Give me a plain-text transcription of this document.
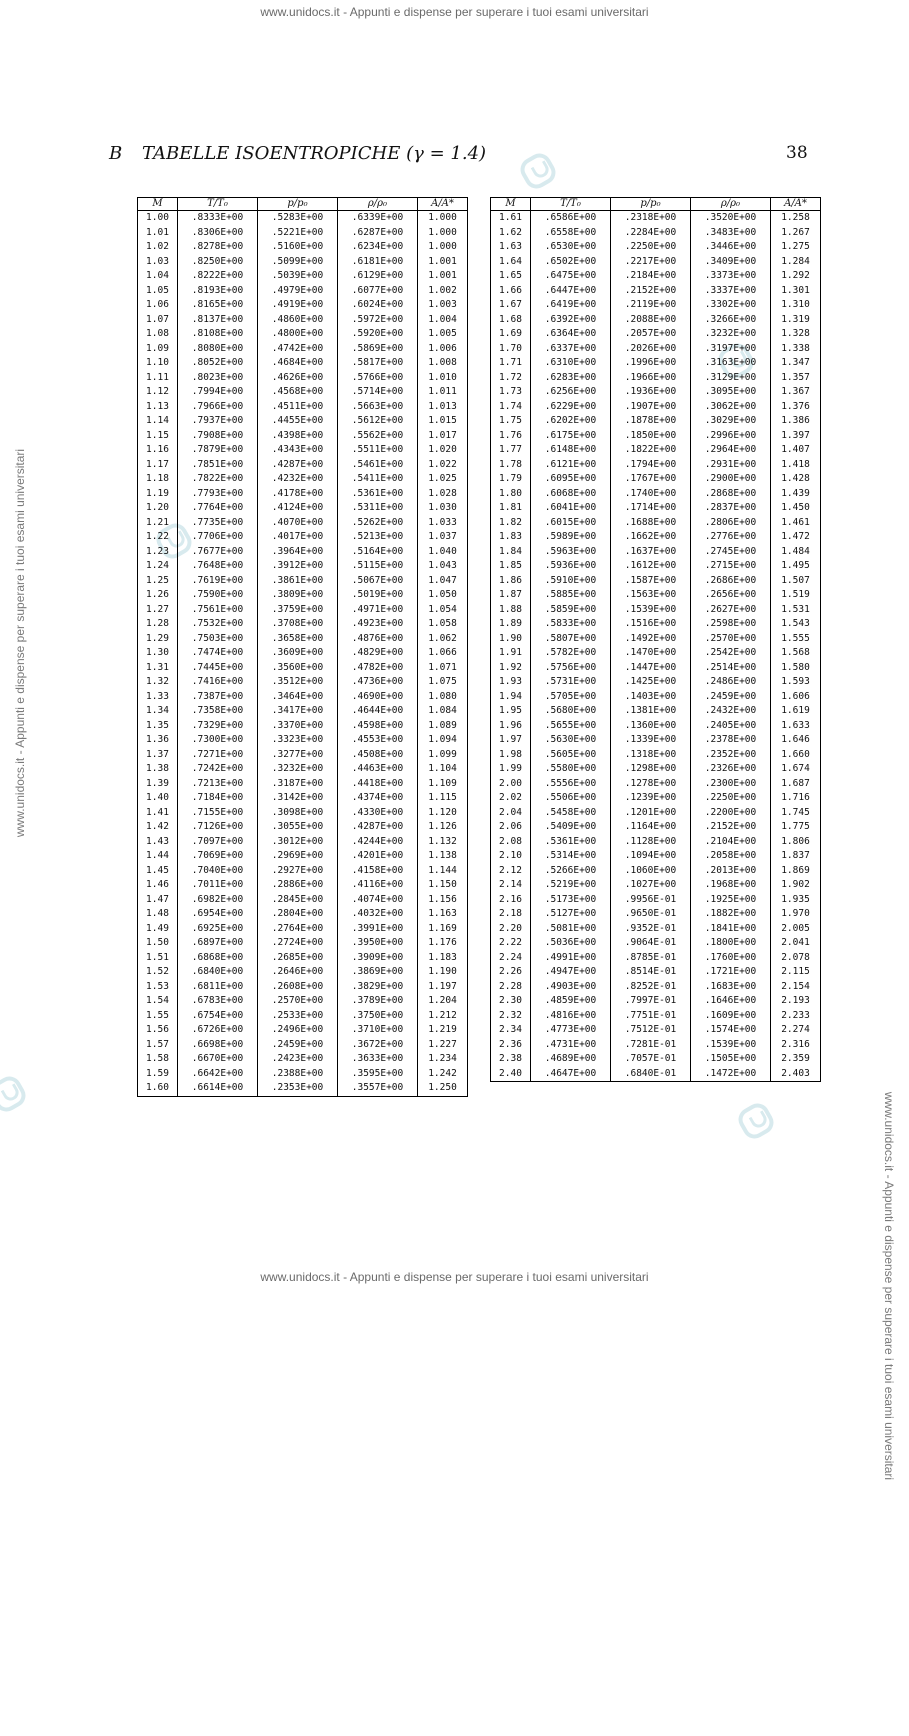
www.unidocs.it - Appunti e dispense per superare i tuoi esami universitari
www.unidocs.it - Appunti e dispense per superare i tuoi esami universitari
www.unidocs.it - Appunti e dispense per superare i tuoi esami universitari
www.unidocs.it - Appunti e dispense per superare i tuoi esami universitari
B TABELLE ISOENTROPICHE (γ = 1.4)	38
M	T/T₀	p/p₀	ρ/ρ₀	A/A*
1.00	.8333E+00	.5283E+00	.6339E+00	1.000
1.01	.8306E+00	.5221E+00	.6287E+00	1.000
1.02	.8278E+00	.5160E+00	.6234E+00	1.000
1.03	.8250E+00	.5099E+00	.6181E+00	1.001
1.04	.8222E+00	.5039E+00	.6129E+00	1.001
1.05	.8193E+00	.4979E+00	.6077E+00	1.002
1.06	.8165E+00	.4919E+00	.6024E+00	1.003
1.07	.8137E+00	.4860E+00	.5972E+00	1.004
1.08	.8108E+00	.4800E+00	.5920E+00	1.005
1.09	.8080E+00	.4742E+00	.5869E+00	1.006
1.10	.8052E+00	.4684E+00	.5817E+00	1.008
1.11	.8023E+00	.4626E+00	.5766E+00	1.010
1.12	.7994E+00	.4568E+00	.5714E+00	1.011
1.13	.7966E+00	.4511E+00	.5663E+00	1.013
1.14	.7937E+00	.4455E+00	.5612E+00	1.015
1.15	.7908E+00	.4398E+00	.5562E+00	1.017
1.16	.7879E+00	.4343E+00	.5511E+00	1.020
1.17	.7851E+00	.4287E+00	.5461E+00	1.022
1.18	.7822E+00	.4232E+00	.5411E+00	1.025
1.19	.7793E+00	.4178E+00	.5361E+00	1.028
1.20	.7764E+00	.4124E+00	.5311E+00	1.030
1.21	.7735E+00	.4070E+00	.5262E+00	1.033
1.22	.7706E+00	.4017E+00	.5213E+00	1.037
1.23	.7677E+00	.3964E+00	.5164E+00	1.040
1.24	.7648E+00	.3912E+00	.5115E+00	1.043
1.25	.7619E+00	.3861E+00	.5067E+00	1.047
1.26	.7590E+00	.3809E+00	.5019E+00	1.050
1.27	.7561E+00	.3759E+00	.4971E+00	1.054
1.28	.7532E+00	.3708E+00	.4923E+00	1.058
1.29	.7503E+00	.3658E+00	.4876E+00	1.062
1.30	.7474E+00	.3609E+00	.4829E+00	1.066
1.31	.7445E+00	.3560E+00	.4782E+00	1.071
1.32	.7416E+00	.3512E+00	.4736E+00	1.075
1.33	.7387E+00	.3464E+00	.4690E+00	1.080
1.34	.7358E+00	.3417E+00	.4644E+00	1.084
1.35	.7329E+00	.3370E+00	.4598E+00	1.089
1.36	.7300E+00	.3323E+00	.4553E+00	1.094
1.37	.7271E+00	.3277E+00	.4508E+00	1.099
1.38	.7242E+00	.3232E+00	.4463E+00	1.104
1.39	.7213E+00	.3187E+00	.4418E+00	1.109
1.40	.7184E+00	.3142E+00	.4374E+00	1.115
1.41	.7155E+00	.3098E+00	.4330E+00	1.120
1.42	.7126E+00	.3055E+00	.4287E+00	1.126
1.43	.7097E+00	.3012E+00	.4244E+00	1.132
1.44	.7069E+00	.2969E+00	.4201E+00	1.138
1.45	.7040E+00	.2927E+00	.4158E+00	1.144
1.46	.7011E+00	.2886E+00	.4116E+00	1.150
1.47	.6982E+00	.2845E+00	.4074E+00	1.156
1.48	.6954E+00	.2804E+00	.4032E+00	1.163
1.49	.6925E+00	.2764E+00	.3991E+00	1.169
1.50	.6897E+00	.2724E+00	.3950E+00	1.176
1.51	.6868E+00	.2685E+00	.3909E+00	1.183
1.52	.6840E+00	.2646E+00	.3869E+00	1.190
1.53	.6811E+00	.2608E+00	.3829E+00	1.197
1.54	.6783E+00	.2570E+00	.3789E+00	1.204
1.55	.6754E+00	.2533E+00	.3750E+00	1.212
1.56	.6726E+00	.2496E+00	.3710E+00	1.219
1.57	.6698E+00	.2459E+00	.3672E+00	1.227
1.58	.6670E+00	.2423E+00	.3633E+00	1.234
1.59	.6642E+00	.2388E+00	.3595E+00	1.242
1.60	.6614E+00	.2353E+00	.3557E+00	1.250
M	T/T₀	p/p₀	ρ/ρ₀	A/A*
1.61	.6586E+00	.2318E+00	.3520E+00	1.258
1.62	.6558E+00	.2284E+00	.3483E+00	1.267
1.63	.6530E+00	.2250E+00	.3446E+00	1.275
1.64	.6502E+00	.2217E+00	.3409E+00	1.284
1.65	.6475E+00	.2184E+00	.3373E+00	1.292
1.66	.6447E+00	.2152E+00	.3337E+00	1.301
1.67	.6419E+00	.2119E+00	.3302E+00	1.310
1.68	.6392E+00	.2088E+00	.3266E+00	1.319
1.69	.6364E+00	.2057E+00	.3232E+00	1.328
1.70	.6337E+00	.2026E+00	.3197E+00	1.338
1.71	.6310E+00	.1996E+00	.3163E+00	1.347
1.72	.6283E+00	.1966E+00	.3129E+00	1.357
1.73	.6256E+00	.1936E+00	.3095E+00	1.367
1.74	.6229E+00	.1907E+00	.3062E+00	1.376
1.75	.6202E+00	.1878E+00	.3029E+00	1.386
1.76	.6175E+00	.1850E+00	.2996E+00	1.397
1.77	.6148E+00	.1822E+00	.2964E+00	1.407
1.78	.6121E+00	.1794E+00	.2931E+00	1.418
1.79	.6095E+00	.1767E+00	.2900E+00	1.428
1.80	.6068E+00	.1740E+00	.2868E+00	1.439
1.81	.6041E+00	.1714E+00	.2837E+00	1.450
1.82	.6015E+00	.1688E+00	.2806E+00	1.461
1.83	.5989E+00	.1662E+00	.2776E+00	1.472
1.84	.5963E+00	.1637E+00	.2745E+00	1.484
1.85	.5936E+00	.1612E+00	.2715E+00	1.495
1.86	.5910E+00	.1587E+00	.2686E+00	1.507
1.87	.5885E+00	.1563E+00	.2656E+00	1.519
1.88	.5859E+00	.1539E+00	.2627E+00	1.531
1.89	.5833E+00	.1516E+00	.2598E+00	1.543
1.90	.5807E+00	.1492E+00	.2570E+00	1.555
1.91	.5782E+00	.1470E+00	.2542E+00	1.568
1.92	.5756E+00	.1447E+00	.2514E+00	1.580
1.93	.5731E+00	.1425E+00	.2486E+00	1.593
1.94	.5705E+00	.1403E+00	.2459E+00	1.606
1.95	.5680E+00	.1381E+00	.2432E+00	1.619
1.96	.5655E+00	.1360E+00	.2405E+00	1.633
1.97	.5630E+00	.1339E+00	.2378E+00	1.646
1.98	.5605E+00	.1318E+00	.2352E+00	1.660
1.99	.5580E+00	.1298E+00	.2326E+00	1.674
2.00	.5556E+00	.1278E+00	.2300E+00	1.687
2.02	.5506E+00	.1239E+00	.2250E+00	1.716
2.04	.5458E+00	.1201E+00	.2200E+00	1.745
2.06	.5409E+00	.1164E+00	.2152E+00	1.775
2.08	.5361E+00	.1128E+00	.2104E+00	1.806
2.10	.5314E+00	.1094E+00	.2058E+00	1.837
2.12	.5266E+00	.1060E+00	.2013E+00	1.869
2.14	.5219E+00	.1027E+00	.1968E+00	1.902
2.16	.5173E+00	.9956E-01	.1925E+00	1.935
2.18	.5127E+00	.9650E-01	.1882E+00	1.970
2.20	.5081E+00	.9352E-01	.1841E+00	2.005
2.22	.5036E+00	.9064E-01	.1800E+00	2.041
2.24	.4991E+00	.8785E-01	.1760E+00	2.078
2.26	.4947E+00	.8514E-01	.1721E+00	2.115
2.28	.4903E+00	.8252E-01	.1683E+00	2.154
2.30	.4859E+00	.7997E-01	.1646E+00	2.193
2.32	.4816E+00	.7751E-01	.1609E+00	2.233
2.34	.4773E+00	.7512E-01	.1574E+00	2.274
2.36	.4731E+00	.7281E-01	.1539E+00	2.316
2.38	.4689E+00	.7057E-01	.1505E+00	2.359
2.40	.4647E+00	.6840E-01	.1472E+00	2.403
